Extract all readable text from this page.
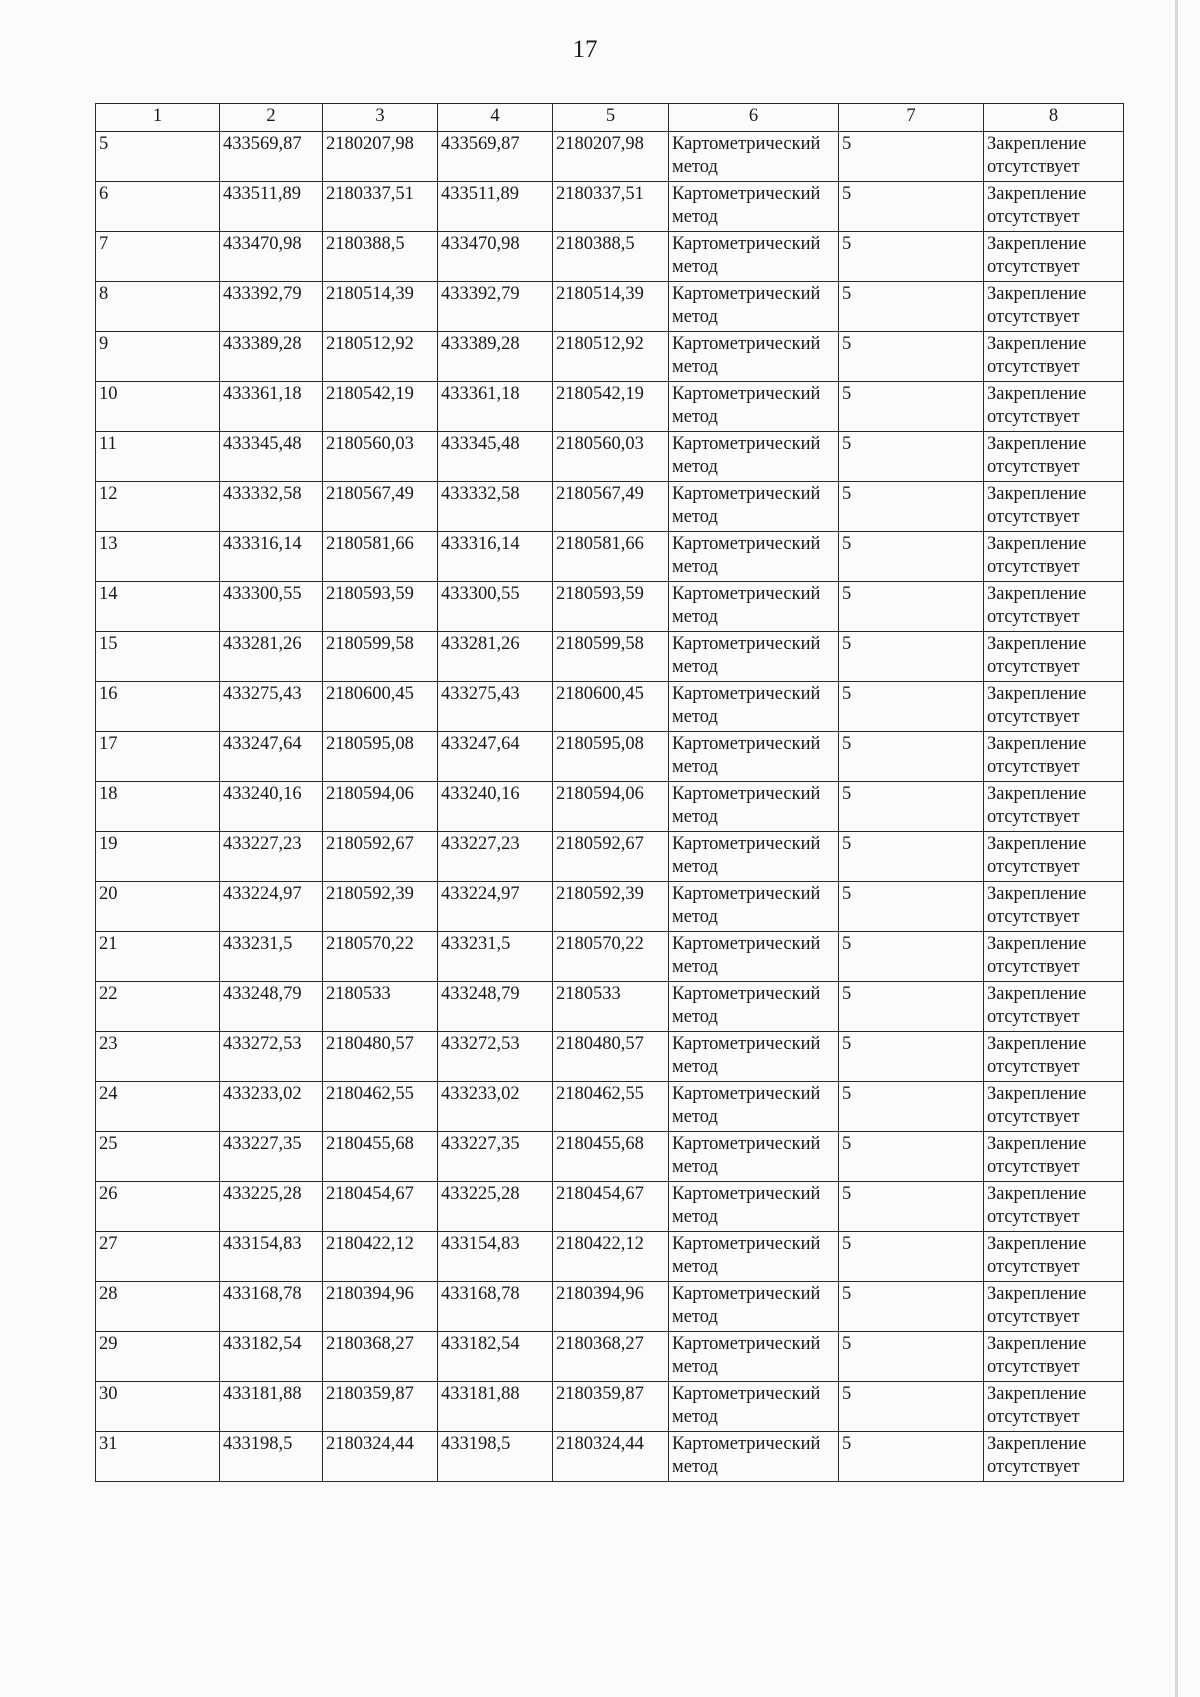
17
1	2	3	4	5	6	7	8
5	433569,87	2180207,98	433569,87	2180207,98	Картометрический метод	5	Закрепление отсутствует
6	433511,89	2180337,51	433511,89	2180337,51	Картометрический метод	5	Закрепление отсутствует
7	433470,98	2180388,5	433470,98	2180388,5	Картометрический метод	5	Закрепление отсутствует
8	433392,79	2180514,39	433392,79	2180514,39	Картометрический метод	5	Закрепление отсутствует
9	433389,28	2180512,92	433389,28	2180512,92	Картометрический метод	5	Закрепление отсутствует
10	433361,18	2180542,19	433361,18	2180542,19	Картометрический метод	5	Закрепление отсутствует
11	433345,48	2180560,03	433345,48	2180560,03	Картометрический метод	5	Закрепление отсутствует
12	433332,58	2180567,49	433332,58	2180567,49	Картометрический метод	5	Закрепление отсутствует
13	433316,14	2180581,66	433316,14	2180581,66	Картометрический метод	5	Закрепление отсутствует
14	433300,55	2180593,59	433300,55	2180593,59	Картометрический метод	5	Закрепление отсутствует
15	433281,26	2180599,58	433281,26	2180599,58	Картометрический метод	5	Закрепление отсутствует
16	433275,43	2180600,45	433275,43	2180600,45	Картометрический метод	5	Закрепление отсутствует
17	433247,64	2180595,08	433247,64	2180595,08	Картометрический метод	5	Закрепление отсутствует
18	433240,16	2180594,06	433240,16	2180594,06	Картометрический метод	5	Закрепление отсутствует
19	433227,23	2180592,67	433227,23	2180592,67	Картометрический метод	5	Закрепление отсутствует
20	433224,97	2180592,39	433224,97	2180592,39	Картометрический метод	5	Закрепление отсутствует
21	433231,5	2180570,22	433231,5	2180570,22	Картометрический метод	5	Закрепление отсутствует
22	433248,79	2180533	433248,79	2180533	Картометрический метод	5	Закрепление отсутствует
23	433272,53	2180480,57	433272,53	2180480,57	Картометрический метод	5	Закрепление отсутствует
24	433233,02	2180462,55	433233,02	2180462,55	Картометрический метод	5	Закрепление отсутствует
25	433227,35	2180455,68	433227,35	2180455,68	Картометрический метод	5	Закрепление отсутствует
26	433225,28	2180454,67	433225,28	2180454,67	Картометрический метод	5	Закрепление отсутствует
27	433154,83	2180422,12	433154,83	2180422,12	Картометрический метод	5	Закрепление отсутствует
28	433168,78	2180394,96	433168,78	2180394,96	Картометрический метод	5	Закрепление отсутствует
29	433182,54	2180368,27	433182,54	2180368,27	Картометрический метод	5	Закрепление отсутствует
30	433181,88	2180359,87	433181,88	2180359,87	Картометрический метод	5	Закрепление отсутствует
31	433198,5	2180324,44	433198,5	2180324,44	Картометрический метод	5	Закрепление отсутствует
